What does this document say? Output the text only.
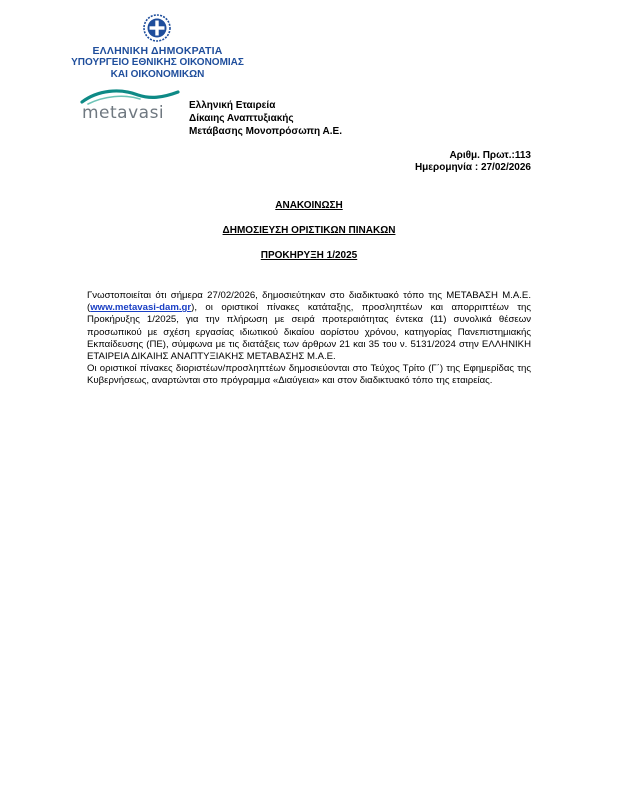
ΕΛΛΗΝΙΚΗ ΔΗΜΟΚΡΑΤΙΑ
ΥΠΟΥΡΓΕΙΟ ΕΘΝΙΚΗΣ ΟΙΚΟΝΟΜΙΑΣ
ΚΑΙ ΟΙΚΟΝΟΜΙΚΩΝ
metavasi Ελληνική Εταιρεία
Δίκαιης Αναπτυξιακής
Μετάβασης Μονοπρόσωπη Α.Ε.
Αριθμ. Πρωτ.:113
Ημερομηνία : 27/02/2026
ΑΝΑΚΟΙΝΩΣΗ
ΔΗΜΟΣΙΕΥΣΗ ΟΡΙΣΤΙΚΩΝ ΠΙΝΑΚΩΝ
ΠΡΟΚΗΡΥΞΗ 1/2025

Γνωστοποιείται ότι σήμερα 27/02/2026, δημοσιεύτηκαν στο διαδικτυακό τόπο της ΜΕΤΑΒΑΣΗ Μ.Α.Ε. (www.metavasi-dam.gr), οι οριστικοί πίνακες κατάταξης, προσληπτέων και απορριπτέων της Προκήρυξης 1/2025, για την πλήρωση με σειρά προτεραιότητας έντεκα (11) συνολικά θέσεων προσωπικού με σχέση εργασίας ιδιωτικού δικαίου αορίστου χρόνου, κατηγορίας Πανεπιστημιακής Εκπαίδευσης (ΠΕ), σύμφωνα με τις διατάξεις των άρθρων 21 και 35 του ν. 5131/2024 στην ΕΛΛΗΝΙΚΗ ΕΤΑΙΡΕΙΑ ΔΙΚΑΙΗΣ ΑΝΑΠΤΥΞΙΑΚΗΣ ΜΕΤΑΒΑΣΗΣ Μ.Α.Ε.

Οι οριστικοί πίνακες διοριστέων/προσληπτέων δημοσιεύονται στο Τεύχος Τρίτο (Γ΄) της Εφημερίδας της Κυβερνήσεως, αναρτώνται στο πρόγραμμα «Διαύγεια» και στον διαδικτυακό τόπο της εταιρείας.
